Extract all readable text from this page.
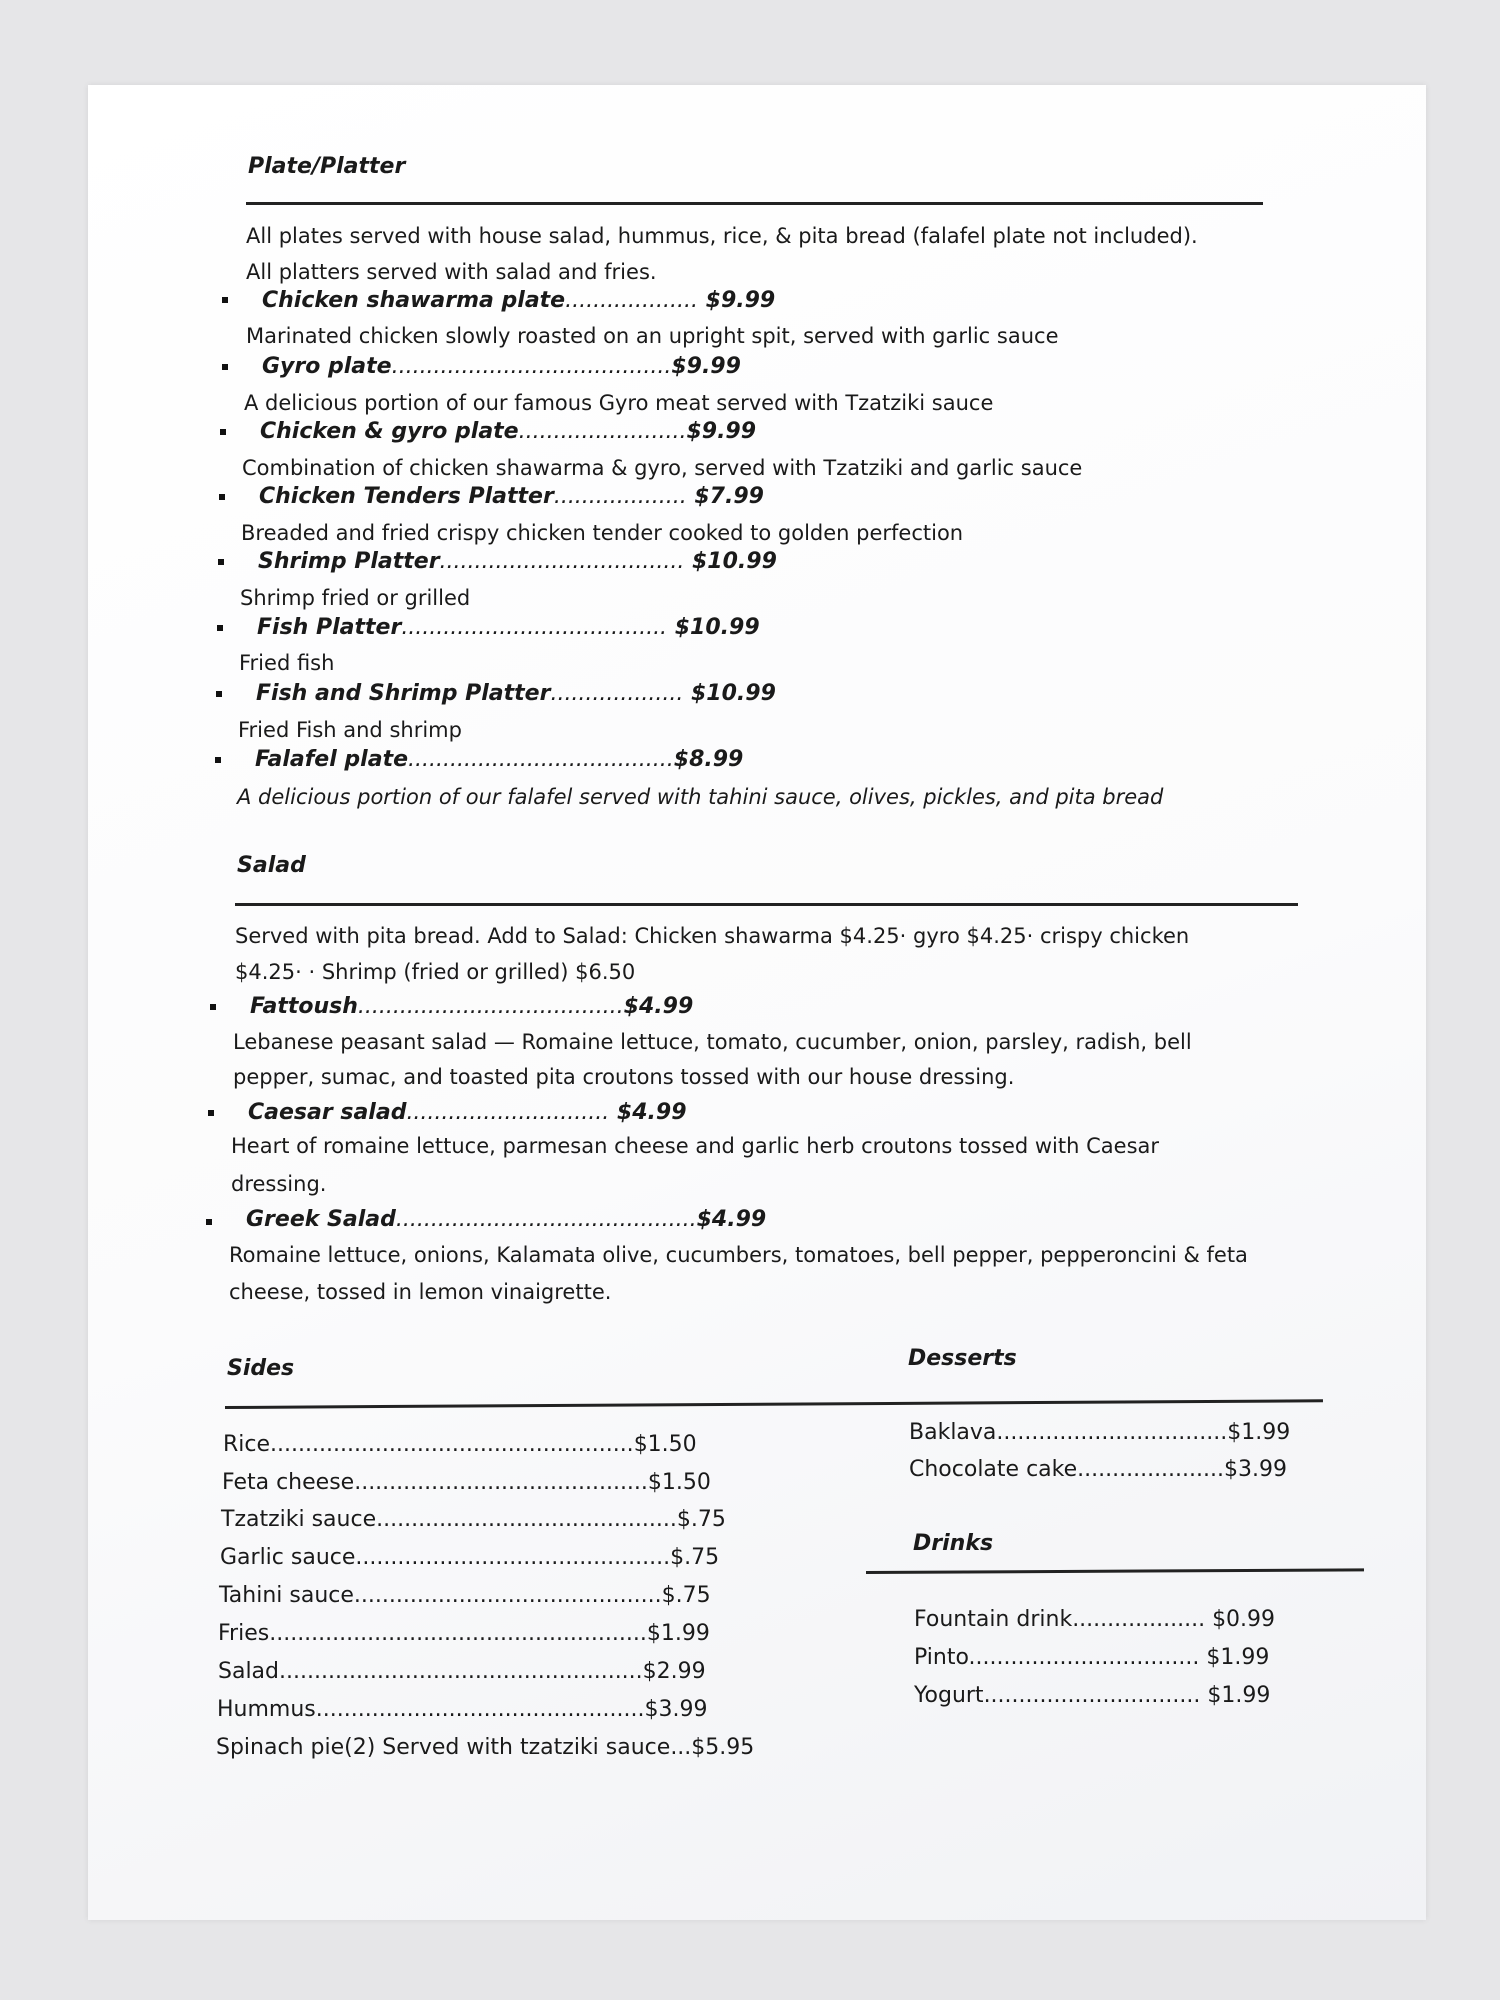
Plate/Platter
All plates served with house salad, hummus, rice, & pita bread (falafel plate not included).
All platters served with salad and fries.
Chicken shawarma plate................... $9.99
Marinated chicken slowly roasted on an upright spit, served with garlic sauce
Gyro plate........................................$9.99
A delicious portion of our famous Gyro meat served with Tzatziki sauce
Chicken & gyro plate........................$9.99
Combination of chicken shawarma & gyro, served with Tzatziki and garlic sauce
Chicken Tenders Platter................... $7.99
Breaded and fried crispy chicken tender cooked to golden perfection
Shrimp Platter................................... $10.99
Shrimp fried or grilled
Fish Platter...................................... $10.99
Fried fish
Fish and Shrimp Platter................... $10.99
Fried Fish and shrimp
Falafel plate......................................$8.99
A delicious portion of our falafel served with tahini sauce, olives, pickles, and pita bread
Salad
Served with pita bread. Add to Salad: Chicken shawarma $4.25· gyro $4.25· crispy chicken
$4.25· · Shrimp (fried or grilled) $6.50
Fattoush......................................$4.99
Lebanese peasant salad — Romaine lettuce, tomato, cucumber, onion, parsley, radish, bell
pepper, sumac, and toasted pita croutons tossed with our house dressing.
Caesar salad............................. $4.99
Heart of romaine lettuce, parmesan cheese and garlic herb croutons tossed with Caesar
dressing.
Greek Salad...........................................$4.99
Romaine lettuce, onions, Kalamata olive, cucumbers, tomatoes, bell pepper, pepperoncini & feta
cheese, tossed in lemon vinaigrette.
Sides
Rice....................................................$1.50
Feta cheese..........................................$1.50
Tzatziki sauce...........................................$.75
Garlic sauce.............................................$.75
Tahini sauce............................................$.75
Fries......................................................$1.99
Salad....................................................$2.99
Hummus...............................................$3.99
Spinach pie(2) Served with tzatziki sauce...$5.95
Desserts
Baklava.................................$1.99
Chocolate cake.....................$3.99
Drinks
Fountain drink................... $0.99
Pinto................................. $1.99
Yogurt............................... $1.99
